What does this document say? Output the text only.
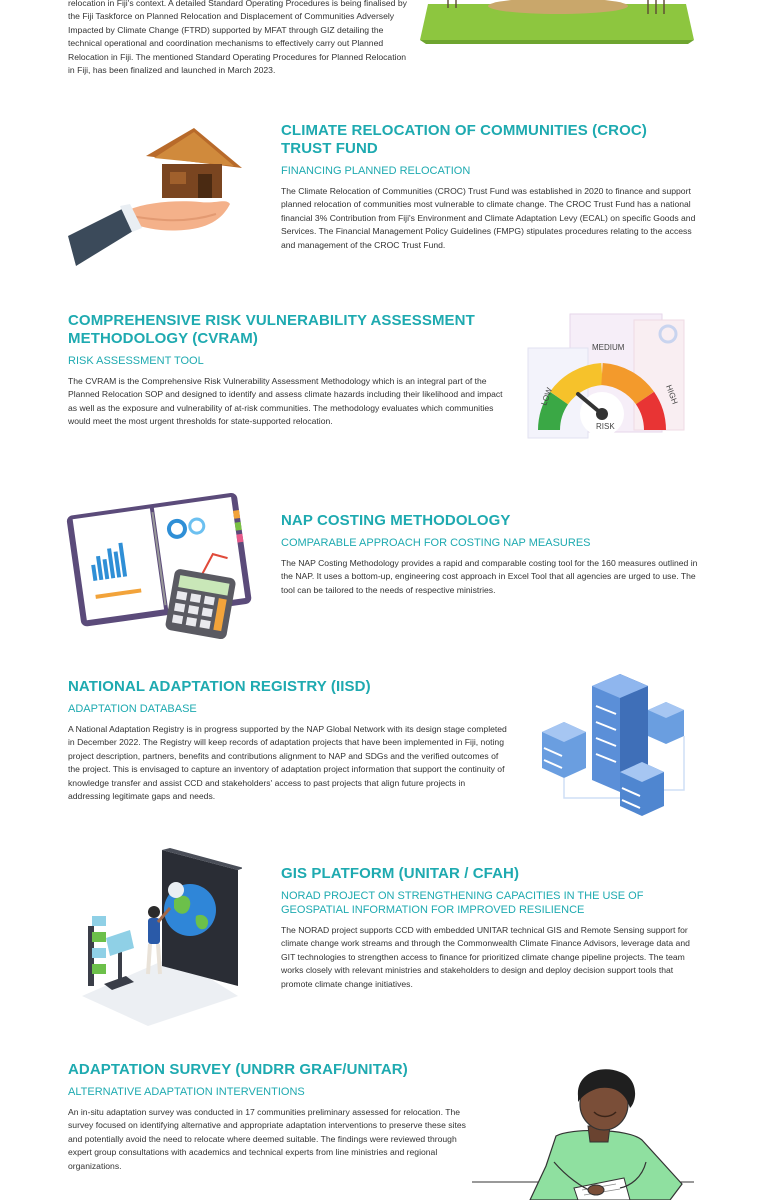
relocation in Fiji's context. A detailed Standard Operating Procedures is being finalised by the Fiji Taskforce on Planned Relocation and Displacement of Communities Adversely Impacted by Climate Change (FTRD) supported by MFAT through GIZ detailing the technical operational and coordination mechanisms to effectively carry out Planned Relocation in Fiji. The mentioned Standard Operating Procedures for Planned Relocation in Fiji, has been finalized and launched in March 2023.

CLIMATE RELOCATION OF COMMUNITIES (CROC) TRUST FUND

FINANCING PLANNED RELOCATION

The Climate Relocation of Communities (CROC) Trust Fund was established in 2020 to finance and support planned relocation of communities most vulnerable to climate change. The CROC Trust Fund has a national financial 3% Contribution from Fiji's Environment and Climate Adaptation Levy (ECAL) on specific Goods and Services. The Financial Management Policy Guidelines (FMPG) stipulates procedures relating to the access and management of the CROC Trust Fund.

COMPREHENSIVE RISK VULNERABILITY ASSESSMENT METHODOLOGY (CVRAM)

RISK ASSESSMENT TOOL

The CVRAM is the Comprehensive Risk Vulnerability Assessment Methodology which is an integral part of the Planned Relocation SOP and designed to identify and assess climate hazards including their likelihood and impact as well as the exposure and vulnerability of at-risk communities. The methodology evaluates which communities would meet the most urgent thresholds for state-supported relocation.

MEDIUM
LOW	HIGH
RISK
NAP COSTING METHODOLOGY

COMPARABLE APPROACH FOR COSTING NAP MEASURES

The NAP Costing Methodology provides a rapid and comparable costing tool for the 160 measures outlined in the NAP. It uses a bottom-up, engineering cost approach in Excel Tool that all agencies are urged to use. The tool can be tailored to the needs of respective ministries.

NATIONAL ADAPTATION REGISTRY (IISD)

ADAPTATION DATABASE

A National Adaptation Registry is in progress supported by the NAP Global Network with its design stage completed in December 2022. The Registry will keep records of adaptation projects that have been implemented in Fiji, noting project description, partners, benefits and contributions alignment to NAP and SDGs and the verified outcomes of the project. This is envisaged to capture an inventory of adaptation project information that support the continuity of knowledge transfer and assist CCD and stakeholders' access to past projects that align future projects in addressing legitimate gaps and needs.

GIS PLATFORM (UNITAR / CFAH)

NORAD PROJECT ON STRENGTHENING CAPACITIES IN THE USE OF GEOSPATIAL INFORMATION FOR IMPROVED RESILIENCE

The NORAD project supports CCD with embedded UNITAR technical GIS and Remote Sensing support for climate change work streams and through the Commonwealth Climate Finance Advisors, leverage data and GIT technologies to strengthen access to finance for prioritized climate change pipeline projects. The team works closely with relevant ministries and stakeholders to design and deploy decision support tools that promote climate change initiatives.

ADAPTATION SURVEY (UNDRR GRAF/UNITAR)

ALTERNATIVE ADAPTATION INTERVENTIONS

An in-situ adaptation survey was conducted in 17 communities preliminary assessed for relocation. The survey focused on identifying alternative and appropriate adaptation interventions to preserve these sites and potentially avoid the need to relocate where deemed suitable. The findings were reviewed through expert group consultations with academics and technical experts from line ministries and regional organizations.
